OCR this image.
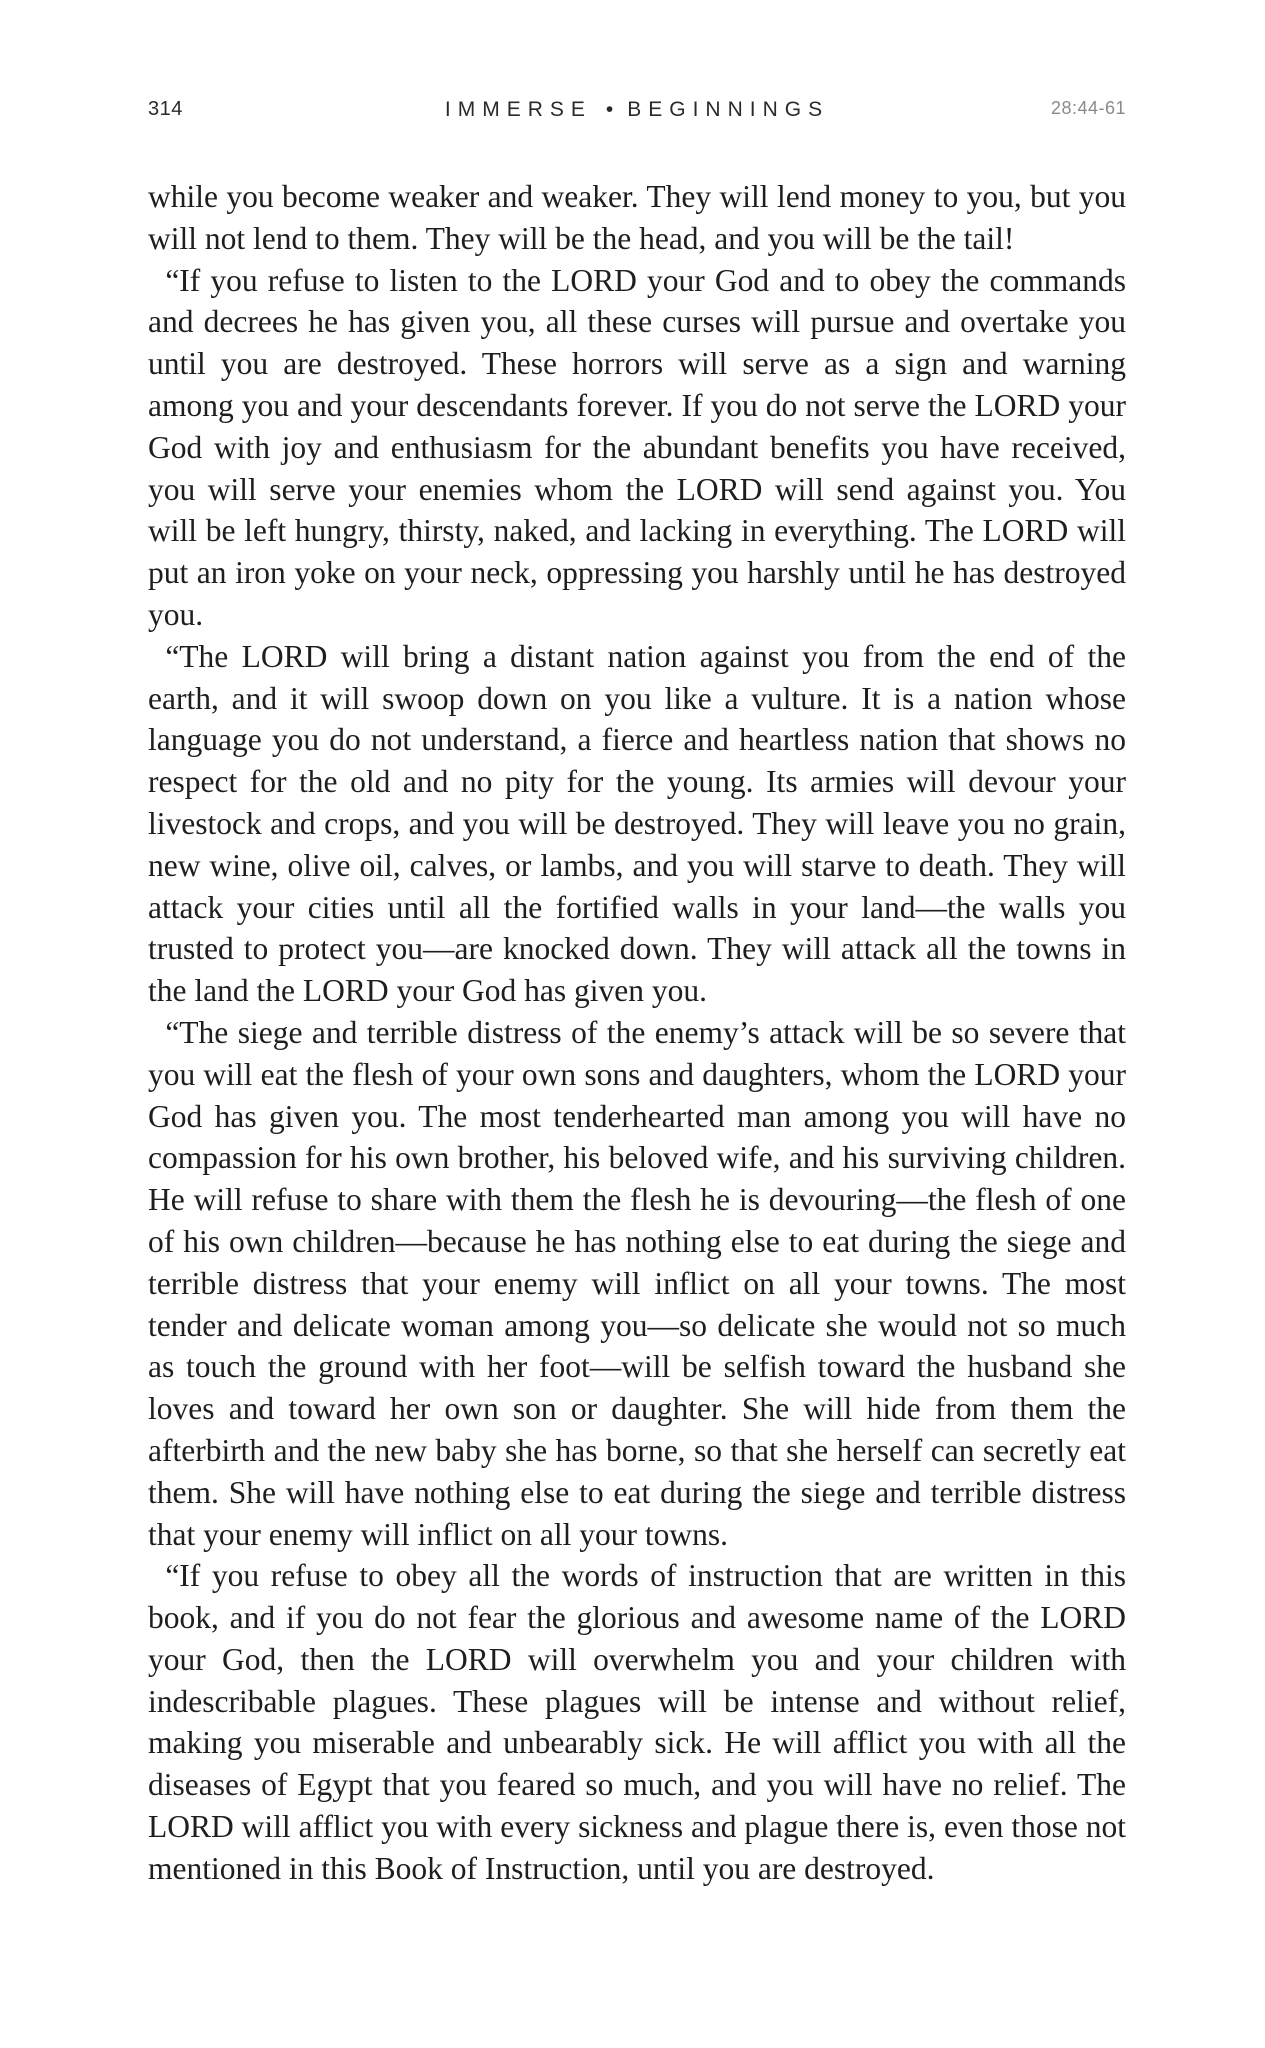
314	IMMERSE • BEGINNINGS	28:44-61

while you become weaker and weaker. They will lend money to you, but you will not lend to them. They will be the head, and you will be the tail!

“If you refuse to listen to the LORD your God and to obey the commands and decrees he has given you, all these curses will pursue and overtake you until you are destroyed. These horrors will serve as a sign and warning among you and your descendants forever. If you do not serve the LORD your God with joy and enthusiasm for the abundant benefits you have received, you will serve your enemies whom the LORD will send against you. You will be left hungry, thirsty, naked, and lacking in everything. The LORD will put an iron yoke on your neck, oppressing you harshly until he has destroyed you.

“The LORD will bring a distant nation against you from the end of the earth, and it will swoop down on you like a vulture. It is a nation whose language you do not understand, a fierce and heartless nation that shows no respect for the old and no pity for the young. Its armies will devour your livestock and crops, and you will be destroyed. They will leave you no grain, new wine, olive oil, calves, or lambs, and you will starve to death. They will attack your cities until all the fortified walls in your land—the walls you trusted to protect you—are knocked down. They will attack all the towns in the land the LORD your God has given you.

“The siege and terrible distress of the enemy’s attack will be so severe that you will eat the flesh of your own sons and daughters, whom the LORD your God has given you. The most tenderhearted man among you will have no compassion for his own brother, his beloved wife, and his surviving children. He will refuse to share with them the flesh he is devouring—the flesh of one of his own children—because he has nothing else to eat during the siege and terrible distress that your enemy will inflict on all your towns. The most tender and delicate woman among you—so delicate she would not so much as touch the ground with her foot—will be selfish toward the husband she loves and toward her own son or daughter. She will hide from them the afterbirth and the new baby she has borne, so that she herself can secretly eat them. She will have nothing else to eat during the siege and terrible distress that your enemy will inflict on all your towns.

“If you refuse to obey all the words of instruction that are written in this book, and if you do not fear the glorious and awesome name of the LORD your God, then the LORD will overwhelm you and your children with indescribable plagues. These plagues will be intense and without relief, making you miserable and unbearably sick. He will afflict you with all the diseases of Egypt that you feared so much, and you will have no relief. The LORD will afflict you with every sickness and plague there is, even those not mentioned in this Book of Instruction, until you are destroyed.
